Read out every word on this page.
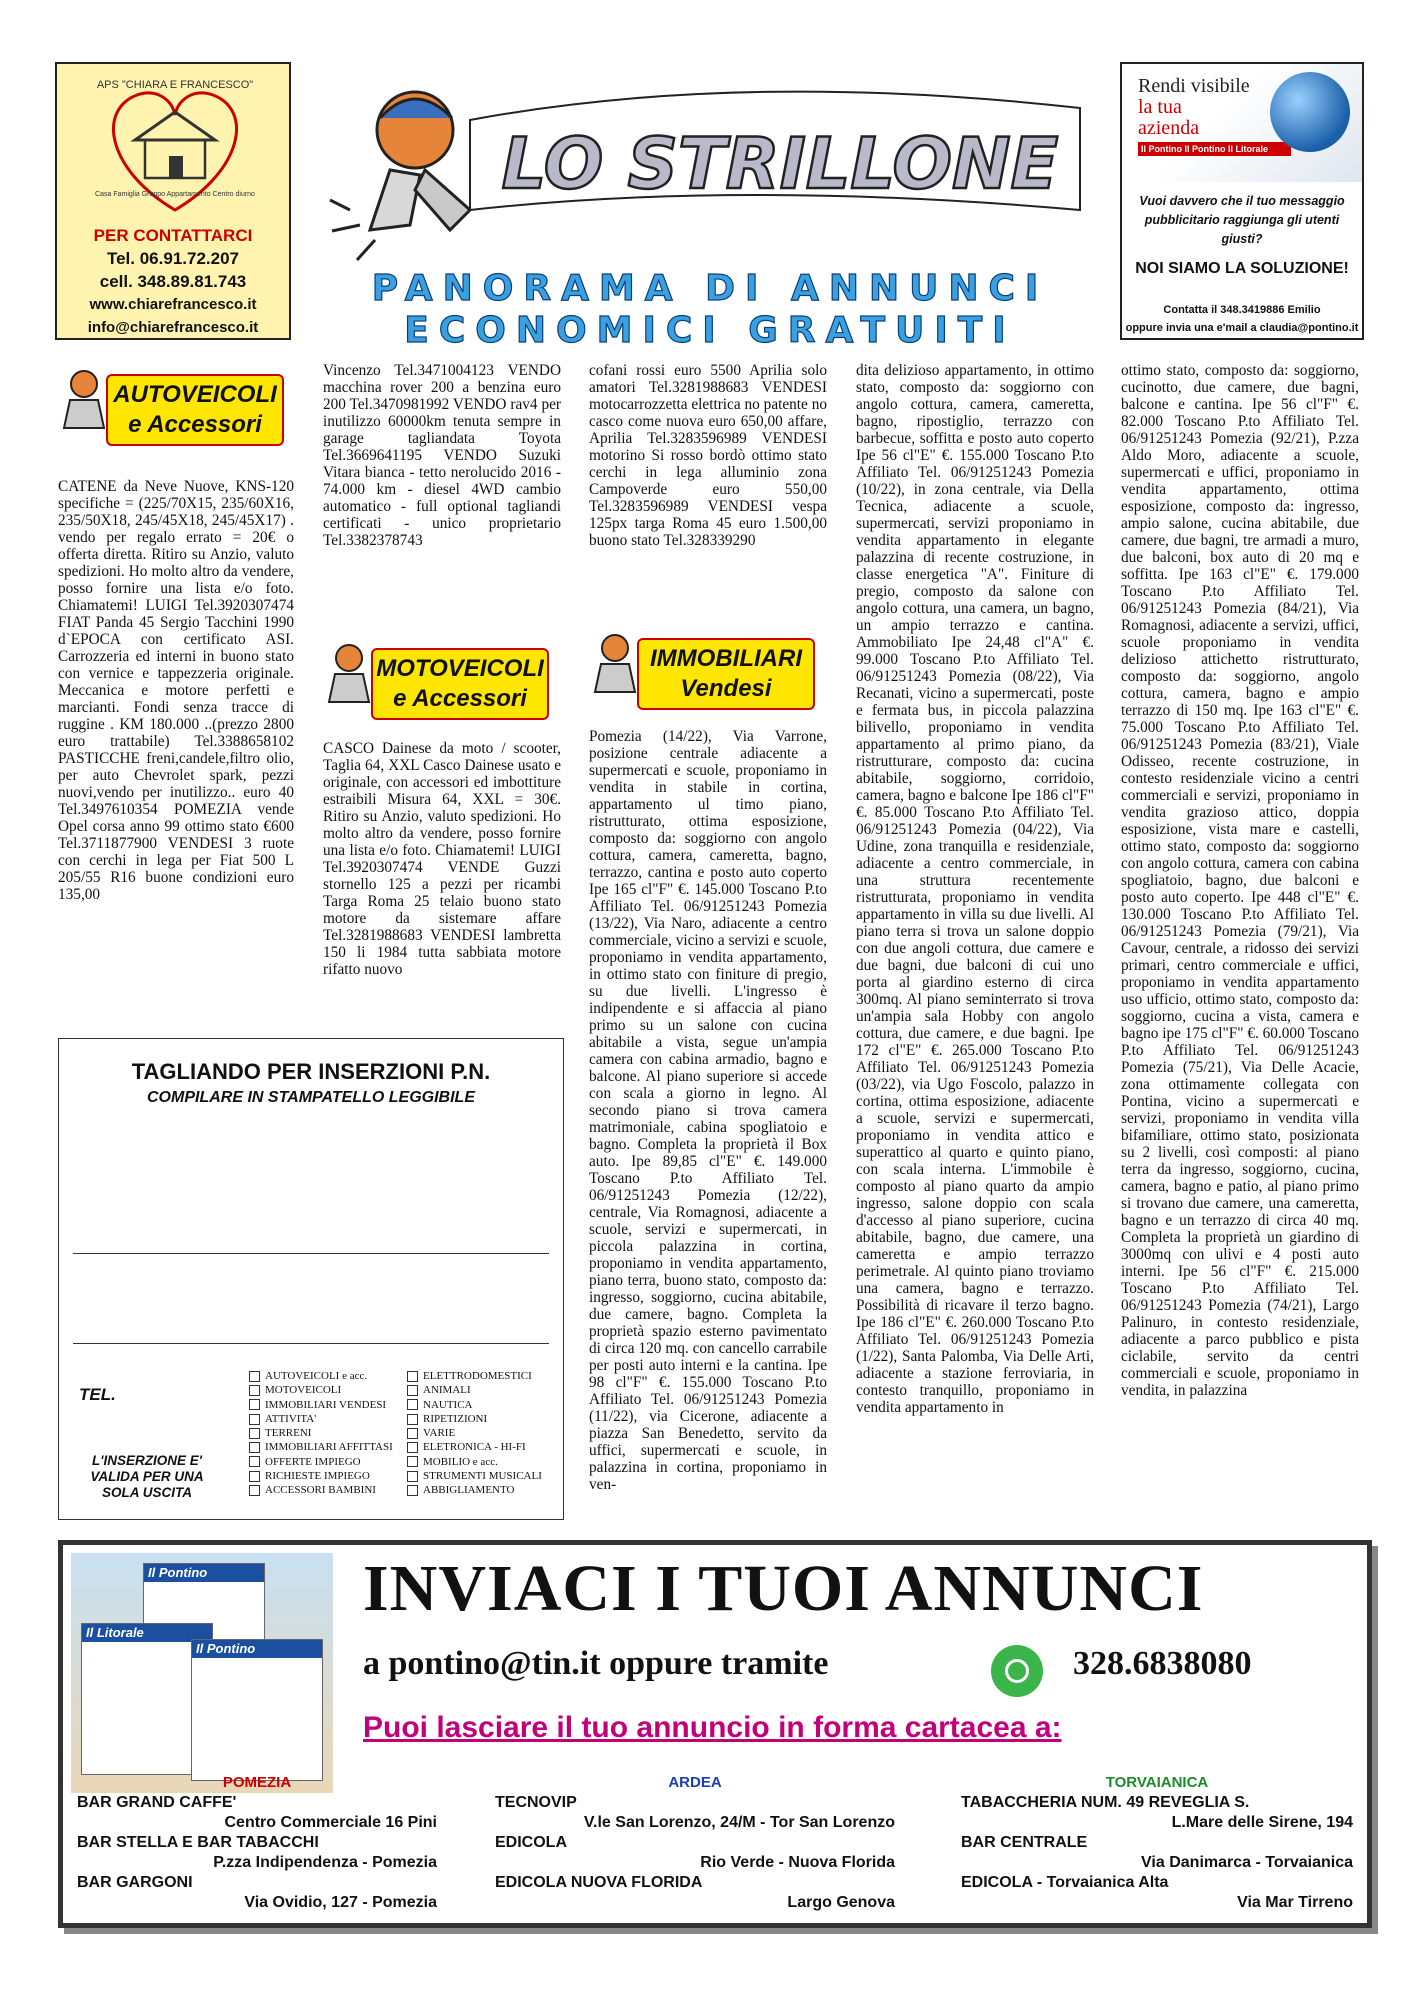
APS "CHIARA E FRANCESCO"
Casa Famiglia Gruppo Appartamento Centro diurno
PER CONTATTARCI
Tel. 06.91.72.207
cell. 348.89.81.743
www.chiarefrancesco.it
info@chiarefrancesco.it
LO STRILLONE
PANORAMA DI ANNUNCI
ECONOMICI GRATUITI
Rendi visibile
la tua
azienda
Il Pontino Il Pontino Il Litorale
Vuoi davvero che il tuo messaggio pubblicitario raggiunga gli utenti giusti?
NOI SIAMO LA SOLUZIONE!
Contatta il 348.3419886 Emilio
oppure invia una e'mail a claudia@pontino.it
AUTOVEICOLI
e Accessori
MOTOVEICOLI
e Accessori
IMMOBILIARI
Vendesi
CATENE da Neve Nuove, KNS-120 specifiche = (225/70X15, 235/60X16, 235/50X18, 245/45X18, 245/45X17) . vendo per regalo errato = 20€ o offerta diretta. Ritiro su Anzio, valuto spedizioni. Ho molto altro da vendere, posso fornire una lista e/o foto. Chiamatemi! LUIGI Tel.3920307474 FIAT Panda 45 Sergio Tacchini 1990 d`EPOCA con certificato ASI. Carrozzeria ed interni in buono stato con vernice e tappezzeria originale. Meccanica e motore perfetti e marcianti. Fondi senza tracce di ruggine . KM 180.000 ..(prezzo 2800 euro trattabile) Tel.3388658102 PASTICCHE freni,candele,filtro olio, per auto Chevrolet spark, pezzi nuovi,vendo per inutilizzo.. euro 40 Tel.3497610354 POMEZIA vende Opel corsa anno 99 ottimo stato €600 Tel.3711877900 VENDESI 3 ruote con cerchi in lega per Fiat 500 L 205/55 R16 buone condizioni euro 135,00
Vincenzo Tel.3471004123 VENDO macchina rover 200 a benzina euro 200 Tel.3470981992 VENDO rav4 per inutilizzo 60000km tenuta sempre in garage tagliandata Toyota Tel.3669641195 VENDO Suzuki Vitara bianca - tetto nerolucido 2016 - 74.000 km - diesel 4WD cambio automatico - full optional tagliandi certificati - unico proprietario Tel.3382378743
CASCO Dainese da moto / scooter, Taglia 64, XXL Casco Dainese usato e originale, con accessori ed imbottiture estraibili Misura 64, XXL = 30€. Ritiro su Anzio, valuto spedizioni. Ho molto altro da vendere, posso fornire una lista e/o foto. Chiamatemi! LUIGI Tel.3920307474 VENDE Guzzi stornello 125 a pezzi per ricambi Targa Roma 25 telaio buono stato motore da sistemare affare Tel.3281988683 VENDESI lambretta 150 li 1984 tutta sabbiata motore rifatto nuovo
cofani rossi euro 5500 Aprilia solo amatori Tel.3281988683 VENDESI motocarrozzetta elettrica no patente no casco come nuova euro 650,00 affare, Aprilia Tel.3283596989 VENDESI motorino Si rosso bordò ottimo stato cerchi in lega alluminio zona Campoverde euro 550,00 Tel.3283596989 VENDESI vespa 125px targa Roma 45 euro 1.500,00 buono stato Tel.328339290
Pomezia (14/22), Via Varrone, posizione centrale adiacente a supermercati e scuole, proponiamo in vendita in stabile in cortina, appartamento ul timo piano, ristrutturato, ottima esposizione, composto da: soggiorno con angolo cottura, camera, cameretta, bagno, terrazzo, cantina e posto auto coperto Ipe 165 cl"F" €. 145.000 Toscano P.to Affiliato Tel. 06/91251243 Pomezia (13/22), Via Naro, adiacente a centro commerciale, vicino a servizi e scuole, proponiamo in vendita appartamento, in ottimo stato con finiture di pregio, su due livelli. L'ingresso è indipendente e si affaccia al piano primo su un salone con cucina abitabile a vista, segue un'ampia camera con cabina armadio, bagno e balcone. Al piano superiore si accede con scala a giorno in legno. Al secondo piano si trova camera matrimoniale, cabina spogliatoio e bagno. Completa la proprietà il Box auto. Ipe 89,85 cl"E" €. 149.000 Toscano P.to Affiliato Tel. 06/91251243 Pomezia (12/22), centrale, Via Romagnosi, adiacente a scuole, servizi e supermercati, in piccola palazzina in cortina, proponiamo in vendita appartamento, piano terra, buono stato, composto da: ingresso, soggiorno, cucina abitabile, due camere, bagno. Completa la proprietà spazio esterno pavimentato di circa 120 mq. con cancello carrabile per posti auto interni e la cantina. Ipe 98 cl"F" €. 155.000 Toscano P.to Affiliato Tel. 06/91251243 Pomezia (11/22), via Cicerone, adiacente a piazza San Benedetto, servito da uffici, supermercati e scuole, in palazzina in cortina, proponiamo in ven-
dita delizioso appartamento, in ottimo stato, composto da: soggiorno con angolo cottura, camera, cameretta, bagno, ripostiglio, terrazzo con barbecue, soffitta e posto auto coperto Ipe 56 cl"E" €. 155.000 Toscano P.to Affiliato Tel. 06/91251243 Pomezia (10/22), in zona centrale, via Della Tecnica, adiacente a scuole, supermercati, servizi proponiamo in vendita appartamento in elegante palazzina di recente costruzione, in classe energetica "A". Finiture di pregio, composto da salone con angolo cottura, una camera, un bagno, un ampio terrazzo e cantina. Ammobiliato Ipe 24,48 cl"A" €. 99.000 Toscano P.to Affiliato Tel. 06/91251243 Pomezia (08/22), Via Recanati, vicino a supermercati, poste e fermata bus, in piccola palazzina bilivello, proponiamo in vendita appartamento al primo piano, da ristrutturare, composto da: cucina abitabile, soggiorno, corridoio, camera, bagno e balcone Ipe 186 cl"F" €. 85.000 Toscano P.to Affiliato Tel. 06/91251243 Pomezia (04/22), Via Udine, zona tranquilla e residenziale, adiacente a centro commerciale, in una struttura recentemente ristrutturata, proponiamo in vendita appartamento in villa su due livelli. Al piano terra si trova un salone doppio con due angoli cottura, due camere e due bagni, due balconi di cui uno porta al giardino esterno di circa 300mq. Al piano seminterrato si trova un'ampia sala Hobby con angolo cottura, due camere, e due bagni. Ipe 172 cl"E" €. 265.000 Toscano P.to Affiliato Tel. 06/91251243 Pomezia (03/22), via Ugo Foscolo, palazzo in cortina, ottima esposizione, adiacente a scuole, servizi e supermercati, proponiamo in vendita attico e superattico al quarto e quinto piano, con scala interna. L'immobile è composto al piano quarto da ampio ingresso, salone doppio con scala d'accesso al piano superiore, cucina abitabile, bagno, due camere, una cameretta e ampio terrazzo perimetrale. Al quinto piano troviamo una camera, bagno e terrazzo. Possibilità di ricavare il terzo bagno. Ipe 186 cl"E" €. 260.000 Toscano P.to Affiliato Tel. 06/91251243 Pomezia (1/22), Santa Palomba, Via Delle Arti, adiacente a stazione ferroviaria, in contesto tranquillo, proponiamo in vendita appartamento in
ottimo stato, composto da: soggiorno, cucinotto, due camere, due bagni, balcone e cantina. Ipe 56 cl"F" €. 82.000 Toscano P.to Affiliato Tel. 06/91251243 Pomezia (92/21), P.zza Aldo Moro, adiacente a scuole, supermercati e uffici, proponiamo in vendita appartamento, ottima esposizione, composto da: ingresso, ampio salone, cucina abitabile, due camere, due bagni, tre armadi a muro, due balconi, box auto di 20 mq e soffitta. Ipe 163 cl"E" €. 179.000 Toscano P.to Affiliato Tel. 06/91251243 Pomezia (84/21), Via Romagnosi, adiacente a servizi, uffici, scuole proponiamo in vendita delizioso attichetto ristrutturato, composto da: soggiorno, angolo cottura, camera, bagno e ampio terrazzo di 150 mq. Ipe 163 cl"E" €. 75.000 Toscano P.to Affiliato Tel. 06/91251243 Pomezia (83/21), Viale Odisseo, recente costruzione, in contesto residenziale vicino a centri commerciali e servizi, proponiamo in vendita grazioso attico, doppia esposizione, vista mare e castelli, ottimo stato, composto da: soggiorno con angolo cottura, camera con cabina spogliatoio, bagno, due balconi e posto auto coperto. Ipe 448 cl"E" €. 130.000 Toscano P.to Affiliato Tel. 06/91251243 Pomezia (79/21), Via Cavour, centrale, a ridosso dei servizi primari, centro commerciale e uffici, proponiamo in vendita appartamento uso ufficio, ottimo stato, composto da: soggiorno, cucina a vista, camera e bagno ipe 175 cl"F" €. 60.000 Toscano P.to Affiliato Tel. 06/91251243 Pomezia (75/21), Via Delle Acacie, zona ottimamente collegata con Pontina, vicino a supermercati e servizi, proponiamo in vendita villa bifamiliare, ottimo stato, posizionata su 2 livelli, così composti: al piano terra da ingresso, soggiorno, cucina, camera, bagno e patio, al piano primo si trovano due camere, una cameretta, bagno e un terrazzo di circa 40 mq. Completa la proprietà un giardino di 3000mq con ulivi e 4 posti auto interni. Ipe 56 cl"F" €. 215.000 Toscano P.to Affiliato Tel. 06/91251243 Pomezia (74/21), Largo Palinuro, in contesto residenziale, adiacente a parco pubblico e pista ciclabile, servito da centri commerciali e scuole, proponiamo in vendita, in palazzina
TAGLIANDO PER INSERZIONI P.N.
COMPILARE IN STAMPATELLO LEGGIBILE
TEL.
L'INSERZIONE E' VALIDA PER UNA SOLA USCITA
AUTOVEICOLI e acc.
MOTOVEICOLI
IMMOBILIARI VENDESI
ATTIVITA'
TERRENI
IMMOBILIARI AFFITTASI
OFFERTE IMPIEGO
RICHIESTE IMPIEGO
ACCESSORI BAMBINI
ELETTRODOMESTICI
ANIMALI
NAUTICA
RIPETIZIONI
VARIE
ELETRONICA - HI-FI
MOBILIO e acc.
STRUMENTI MUSICALI
ABBIGLIAMENTO
Il Pontino
Il Litorale
Il Pontino
INVIACI I TUOI ANNUNCI
a pontino@tin.it oppure tramite	328.6838080
Puoi lasciare il tuo annuncio in forma cartacea a:
POMEZIA
BAR GRAND CAFFE'
Centro Commerciale 16 Pini
BAR STELLA E BAR TABACCHI
P.zza Indipendenza - Pomezia
BAR GARGONI
Via Ovidio, 127 - Pomezia
ARDEA
TECNOVIP
V.le San Lorenzo, 24/M - Tor San Lorenzo
EDICOLA
Rio Verde - Nuova Florida
EDICOLA NUOVA FLORIDA
Largo Genova
TORVAIANICA
TABACCHERIA NUM. 49 REVEGLIA S.
L.Mare delle Sirene, 194
BAR CENTRALE
Via Danimarca - Torvaianica
EDICOLA - Torvaianica Alta
Via Mar Tirreno
